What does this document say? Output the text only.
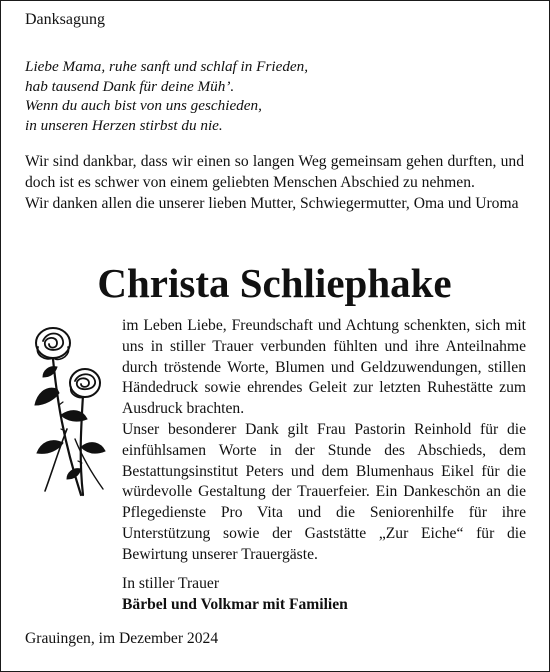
Danksagung
Liebe Mama, ruhe sanft und schlaf in Frieden,
hab tausend Dank für deine Müh’.
Wenn du auch bist von uns geschieden,
in unseren Herzen stirbst du nie.
Wir sind dankbar, dass wir einen so langen Weg gemeinsam gehen durften, und doch ist es schwer von einem geliebten Menschen Abschied zu nehmen.
Wir danken allen die unserer lieben Mutter, Schwiegermutter, Oma und Uroma
Christa Schliephake
im Leben Liebe, Freundschaft und Achtung schenkten, sich mit uns in stiller Trauer verbunden fühlten und ihre Anteilnahme durch tröstende Worte, Blumen und Geldzuwendungen, stillen Händedruck sowie ehrendes Geleit zur letzten Ruhestätte zum Ausdruck brachten.
Unser besonderer Dank gilt Frau Pastorin Reinhold für die einfühlsamen Worte in der Stunde des Abschieds, dem Bestattungsinstitut Peters und dem Blumenhaus Eikel für die würdevolle Gestaltung der Trauerfeier. Ein Dankeschön an die Pflegedienste Pro Vita und die Seniorenhilfe für ihre Unterstützung sowie der Gaststätte „Zur Eiche“ für die Bewirtung unserer Trauergäste.
In stiller Trauer
Bärbel und Volkmar mit Familien
Grauingen, im Dezember 2024
